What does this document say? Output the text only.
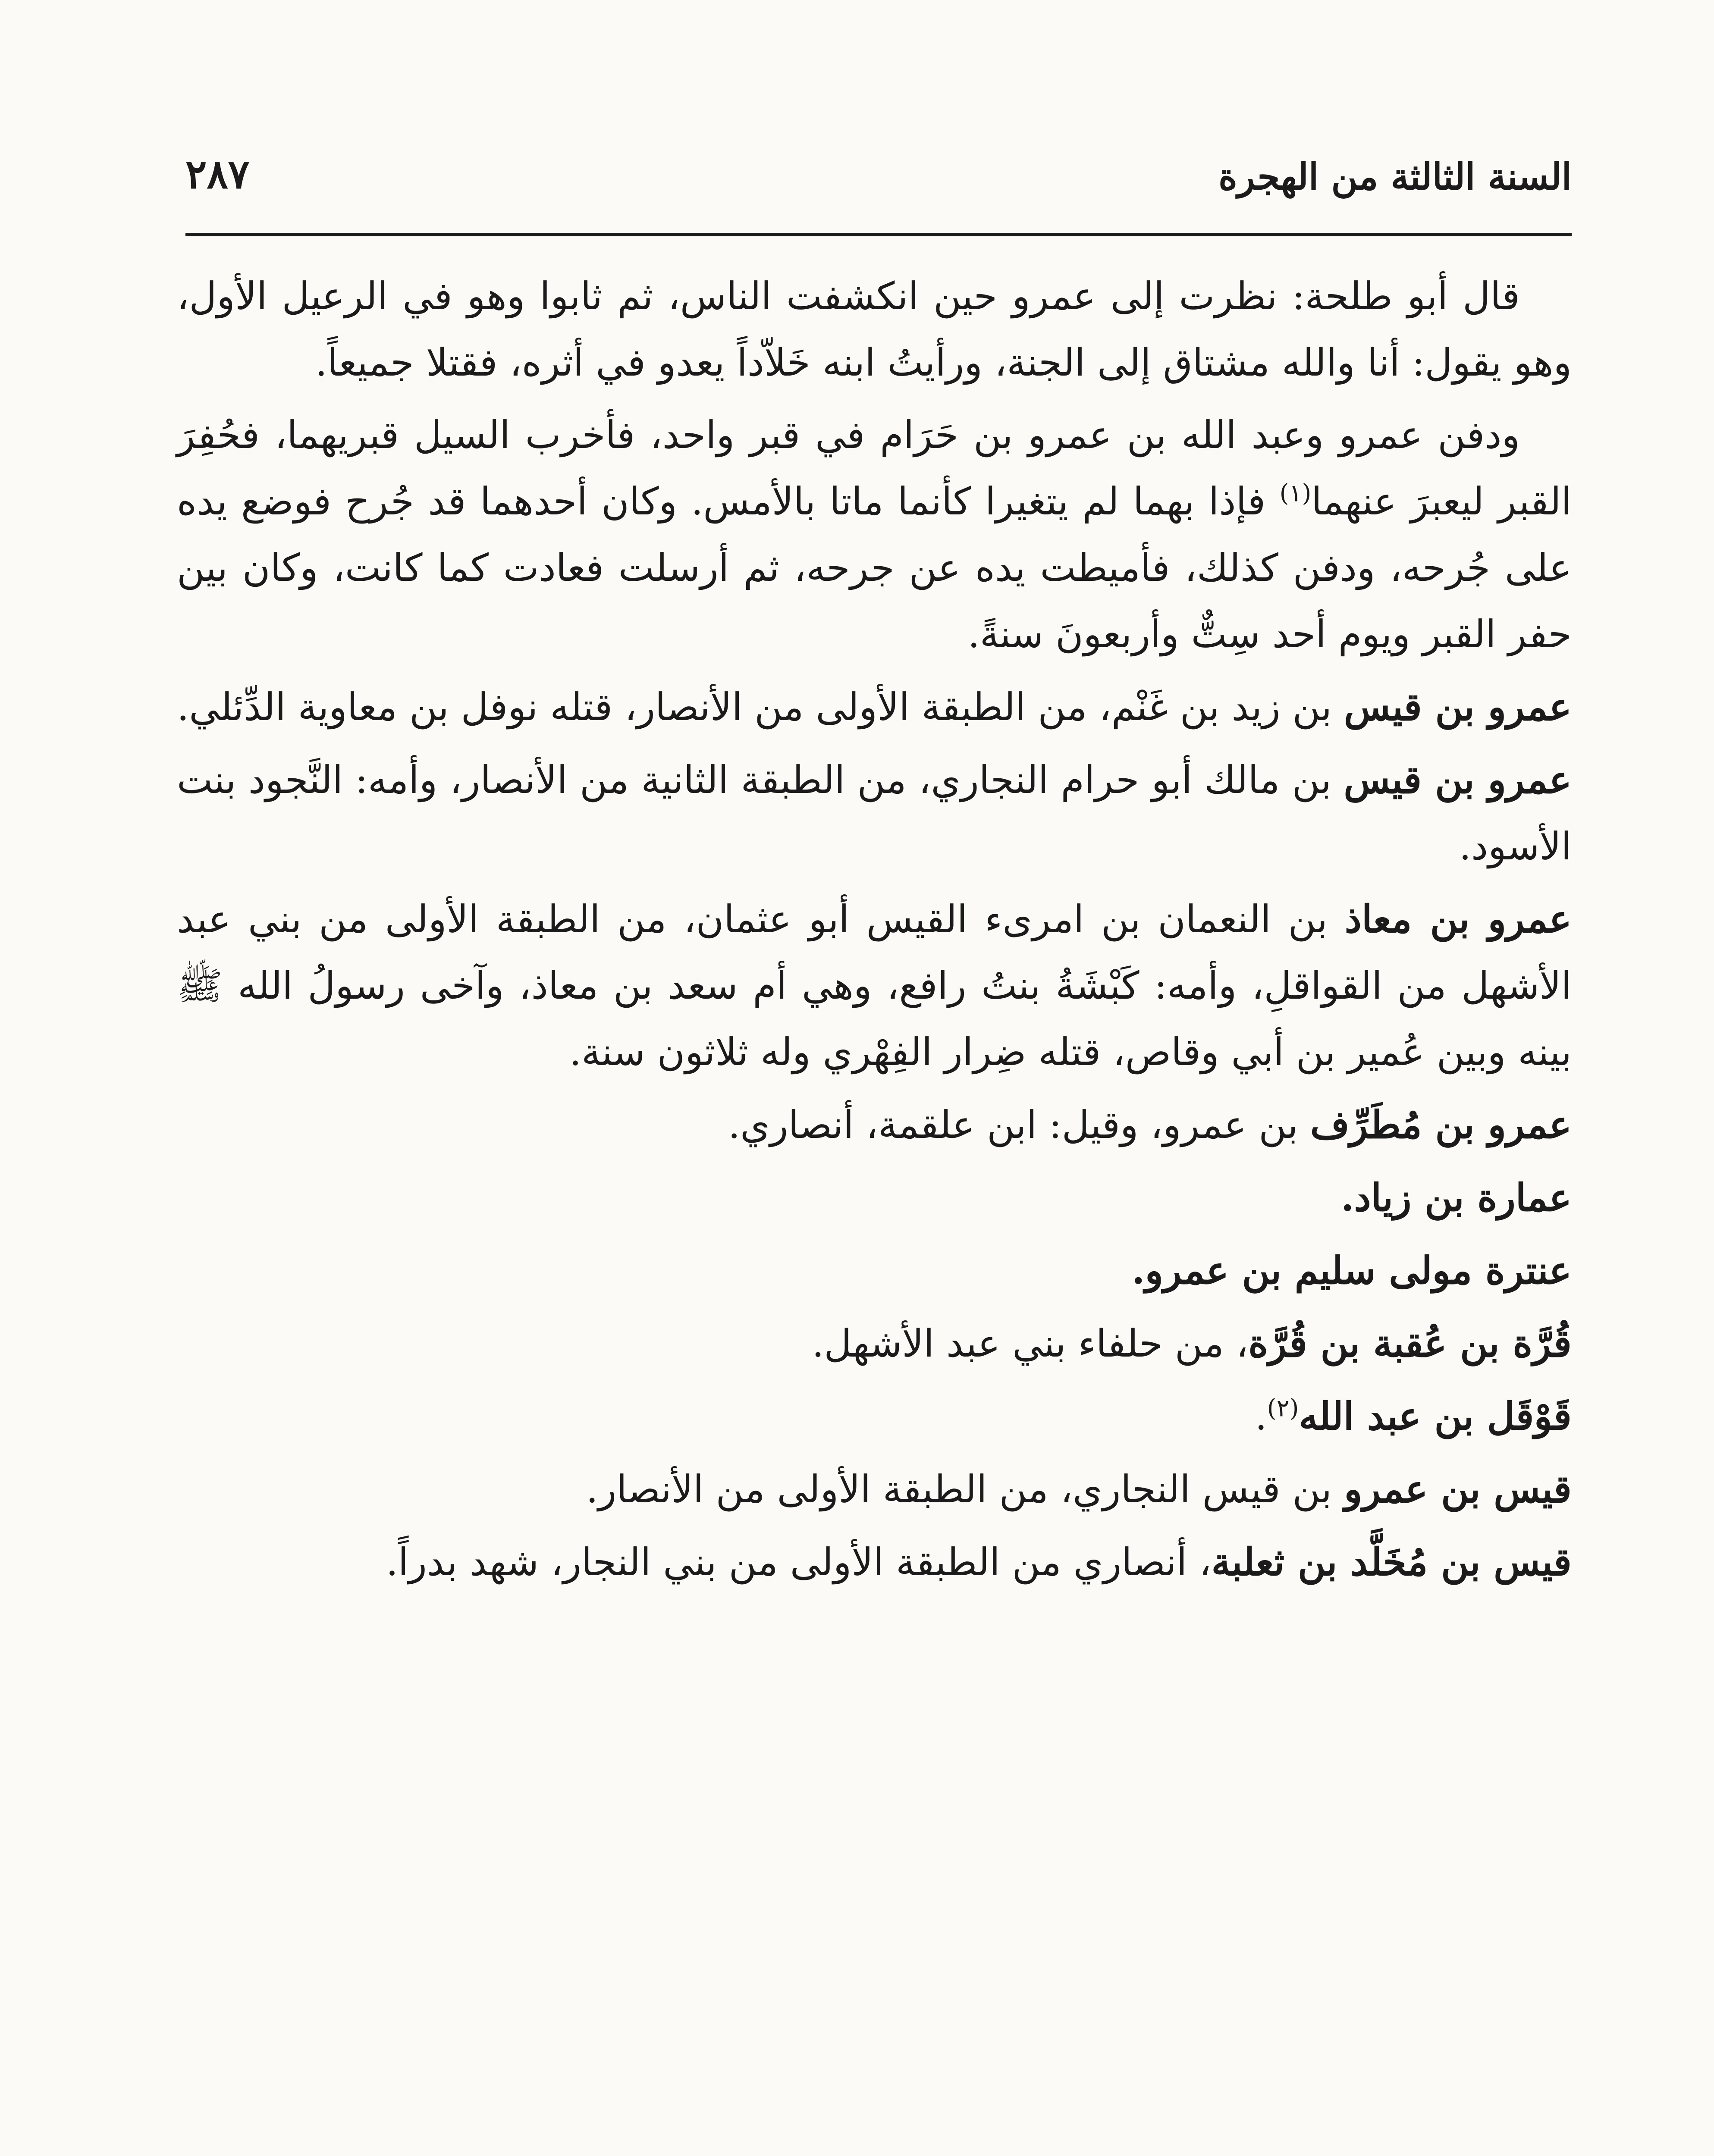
السنة الثالثة من الهجرة
٢٨٧

قال أبو طلحة: نظرت إلى عمرو حين انكشفت الناس، ثم ثابوا وهو في الرعيل الأول، وهو يقول: أنا والله مشتاق إلى الجنة، ورأيتُ ابنه خَلاّداً يعدو في أثره، فقتلا جميعاً.

ودفن عمرو وعبد الله بن عمرو بن حَرَام في قبر واحد، فأخرب السيل قبريهما، فحُفِرَ القبر ليعبرَ عنهما$^{(١)}$ فإذا بهما لم يتغيرا كأنما ماتا بالأمس. وكان أحدهما قد جُرح فوضع يده على جُرحه، ودفن كذلك، فأميطت يده عن جرحه، ثم أرسلت فعادت كما كانت، وكان بين حفر القبر ويوم أحد سِتٌّ وأربعونَ سنةً.

عمرو بن قيس بن زيد بن غَنْم، من الطبقة الأولى من الأنصار، قتله نوفل بن معاوية الدِّئلي.

عمرو بن قيس بن مالك أبو حرام النجاري، من الطبقة الثانية من الأنصار، وأمه: النَّجود بنت الأسود.

عمرو بن معاذ بن النعمان بن امرىء القيس أبو عثمان، من الطبقة الأولى من بني عبد الأشهل من القواقلِ، وأمه: كَبْشَةُ بنتُ رافع، وهي أم سعد بن معاذ، وآخى رسولُ الله ﷺ بينه وبين عُمير بن أبي وقاص، قتله ضِرار الفِهْري وله ثلاثون سنة.

عمرو بن مُطَرِّف بن عمرو، وقيل: ابن علقمة، أنصاري.

عمارة بن زياد.

عنترة مولى سليم بن عمرو.

قُرَّة بن عُقبة بن قُرَّة، من حلفاء بني عبد الأشهل.

قَوْقَل بن عبد الله$^{(٢)}$.

قيس بن عمرو بن قيس النجاري، من الطبقة الأولى من الأنصار.

قيس بن مُخَلَّد بن ثعلبة، أنصاري من الطبقة الأولى من بني النجار، شهد بدراً.
